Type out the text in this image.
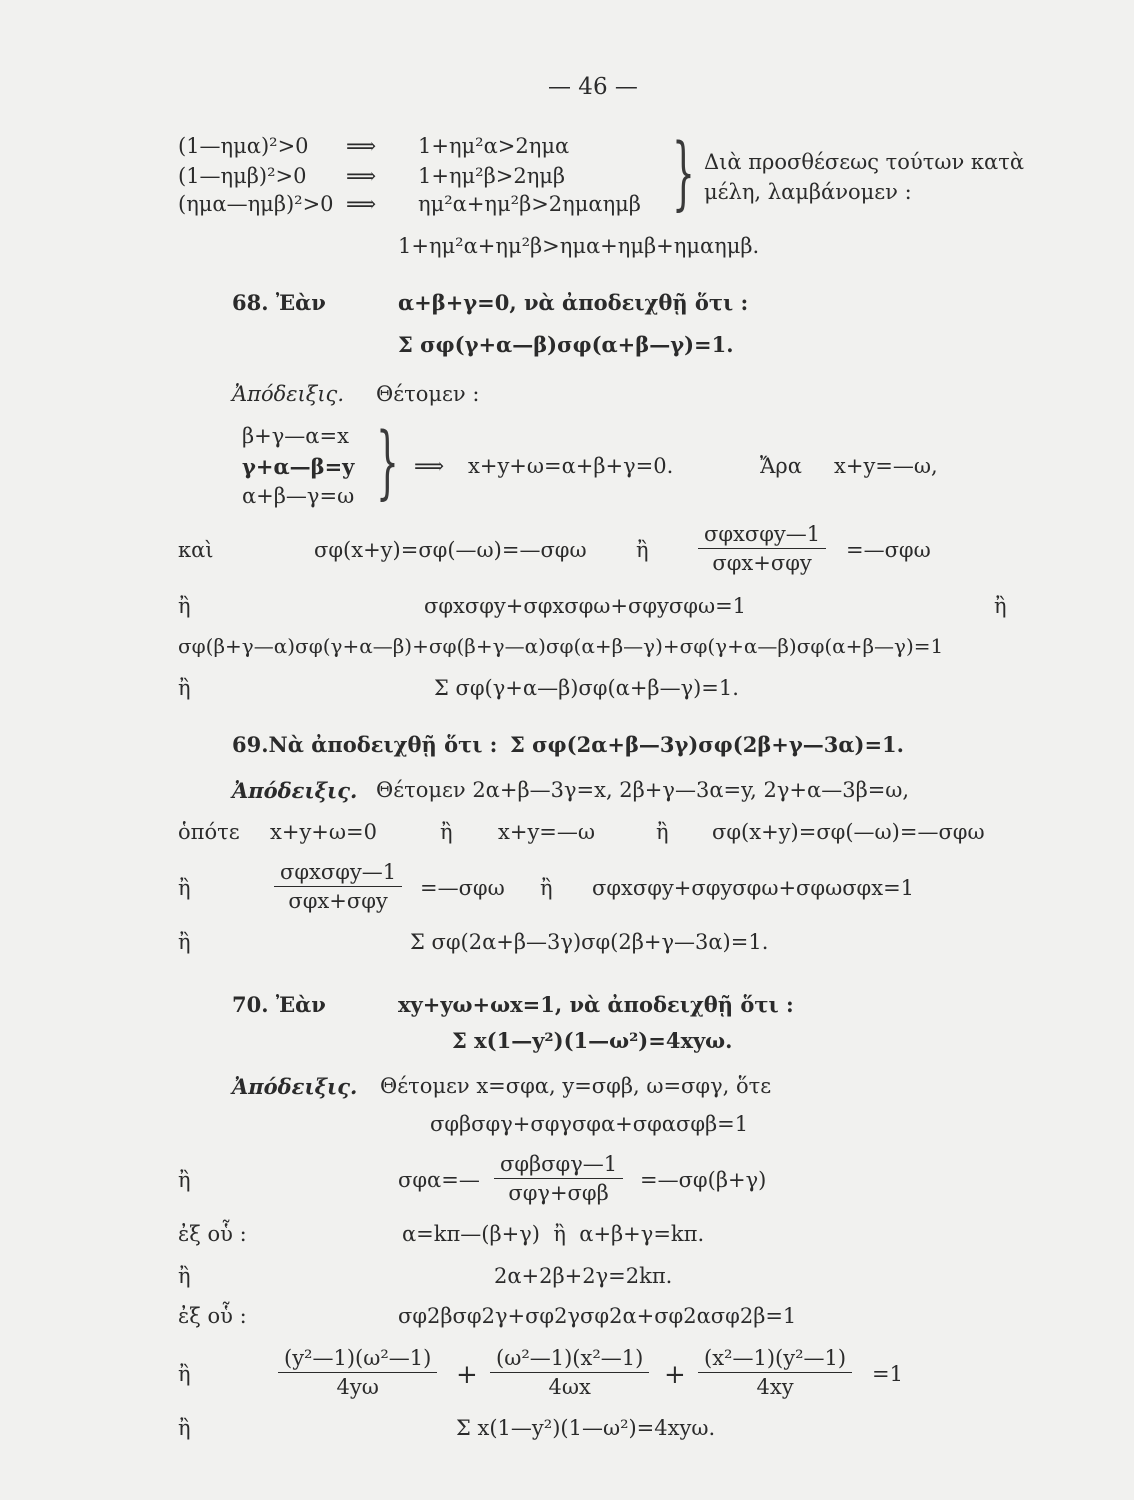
— 46 —
(1—ημα)²>0 ⟹ 1+ημ²α>2ημα
(1—ημβ)²>0 ⟹ 1+ημ²β>2ημβ
(ημα—ημβ)²>0 ⟹ ημ²α+ημ²β>2ημαημβ } Διὰ προσθέσεως τούτων κατὰ
μέλη, λαμβάνομεν :
1+ημ²α+ημ²β>ημα+ημβ+ημαημβ.
68. Ἐὰν	α+β+γ=0, νὰ ἀποδειχθῇ ὅτι :
Σ σφ(γ+α—β)σφ(α+β—γ)=1.
Ἀπόδειξις. Θέτομεν :
β+γ—α=x
γ+α—β=y
α+β—γ=ω } ⟹ x+y+ω=α+β+γ=0.	Ἄρα x+y=—ω,
καὶ	σφ(x+y)=σφ(—ω)=—σφω ἢ
σφxσφy—1
σφx+σφy
=—σφω
ἢ	σφxσφy+σφxσφω+σφyσφω=1	ἢ
σφ(β+γ—α)σφ(γ+α—β)+σφ(β+γ—α)σφ(α+β—γ)+σφ(γ+α—β)σφ(α+β—γ)=1
ἢ	Σ σφ(γ+α—β)σφ(α+β—γ)=1.
69.Νὰ ἀποδειχθῇ ὅτι : Σ σφ(2α+β—3γ)σφ(2β+γ—3α)=1.
Ἀπόδειξις. Θέτομεν 2α+β—3γ=x, 2β+γ—3α=y, 2γ+α—3β=ω,
ὁπότε x+y+ω=0	ἢ x+y=—ω	ἢ σφ(x+y)=σφ(—ω)=—σφω
ἢ
σφxσφy—1
σφx+σφy
=—σφω ἢ σφxσφy+σφyσφω+σφωσφx=1
ἢ	Σ σφ(2α+β—3γ)σφ(2β+γ—3α)=1.
70. Ἐὰν	xy+yω+ωx=1, νὰ ἀποδειχθῇ ὅτι :
Σ x(1—y²)(1—ω²)=4xyω.
Ἀπόδειξις. Θέτομεν x=σφα, y=σφβ, ω=σφγ, ὅτε
σφβσφγ+σφγσφα+σφασφβ=1
ἢ	σφα=—
σφβσφγ—1
σφγ+σφβ
=—σφ(β+γ)
ἐξ οὗ :	α=kπ—(β+γ)  ἢ  α+β+γ=kπ.
ἢ	2α+2β+2γ=2kπ.
ἐξ οὗ :	σφ2βσφ2γ+σφ2γσφ2α+σφ2ασφ2β=1
ἢ
(y²—1)(ω²—1)
4yω	+
(ω²—1)(x²—1)
4ωx	+
(x²—1)(y²—1)
4xy
=1
ἢ	Σ x(1—y²)(1—ω²)=4xyω.
